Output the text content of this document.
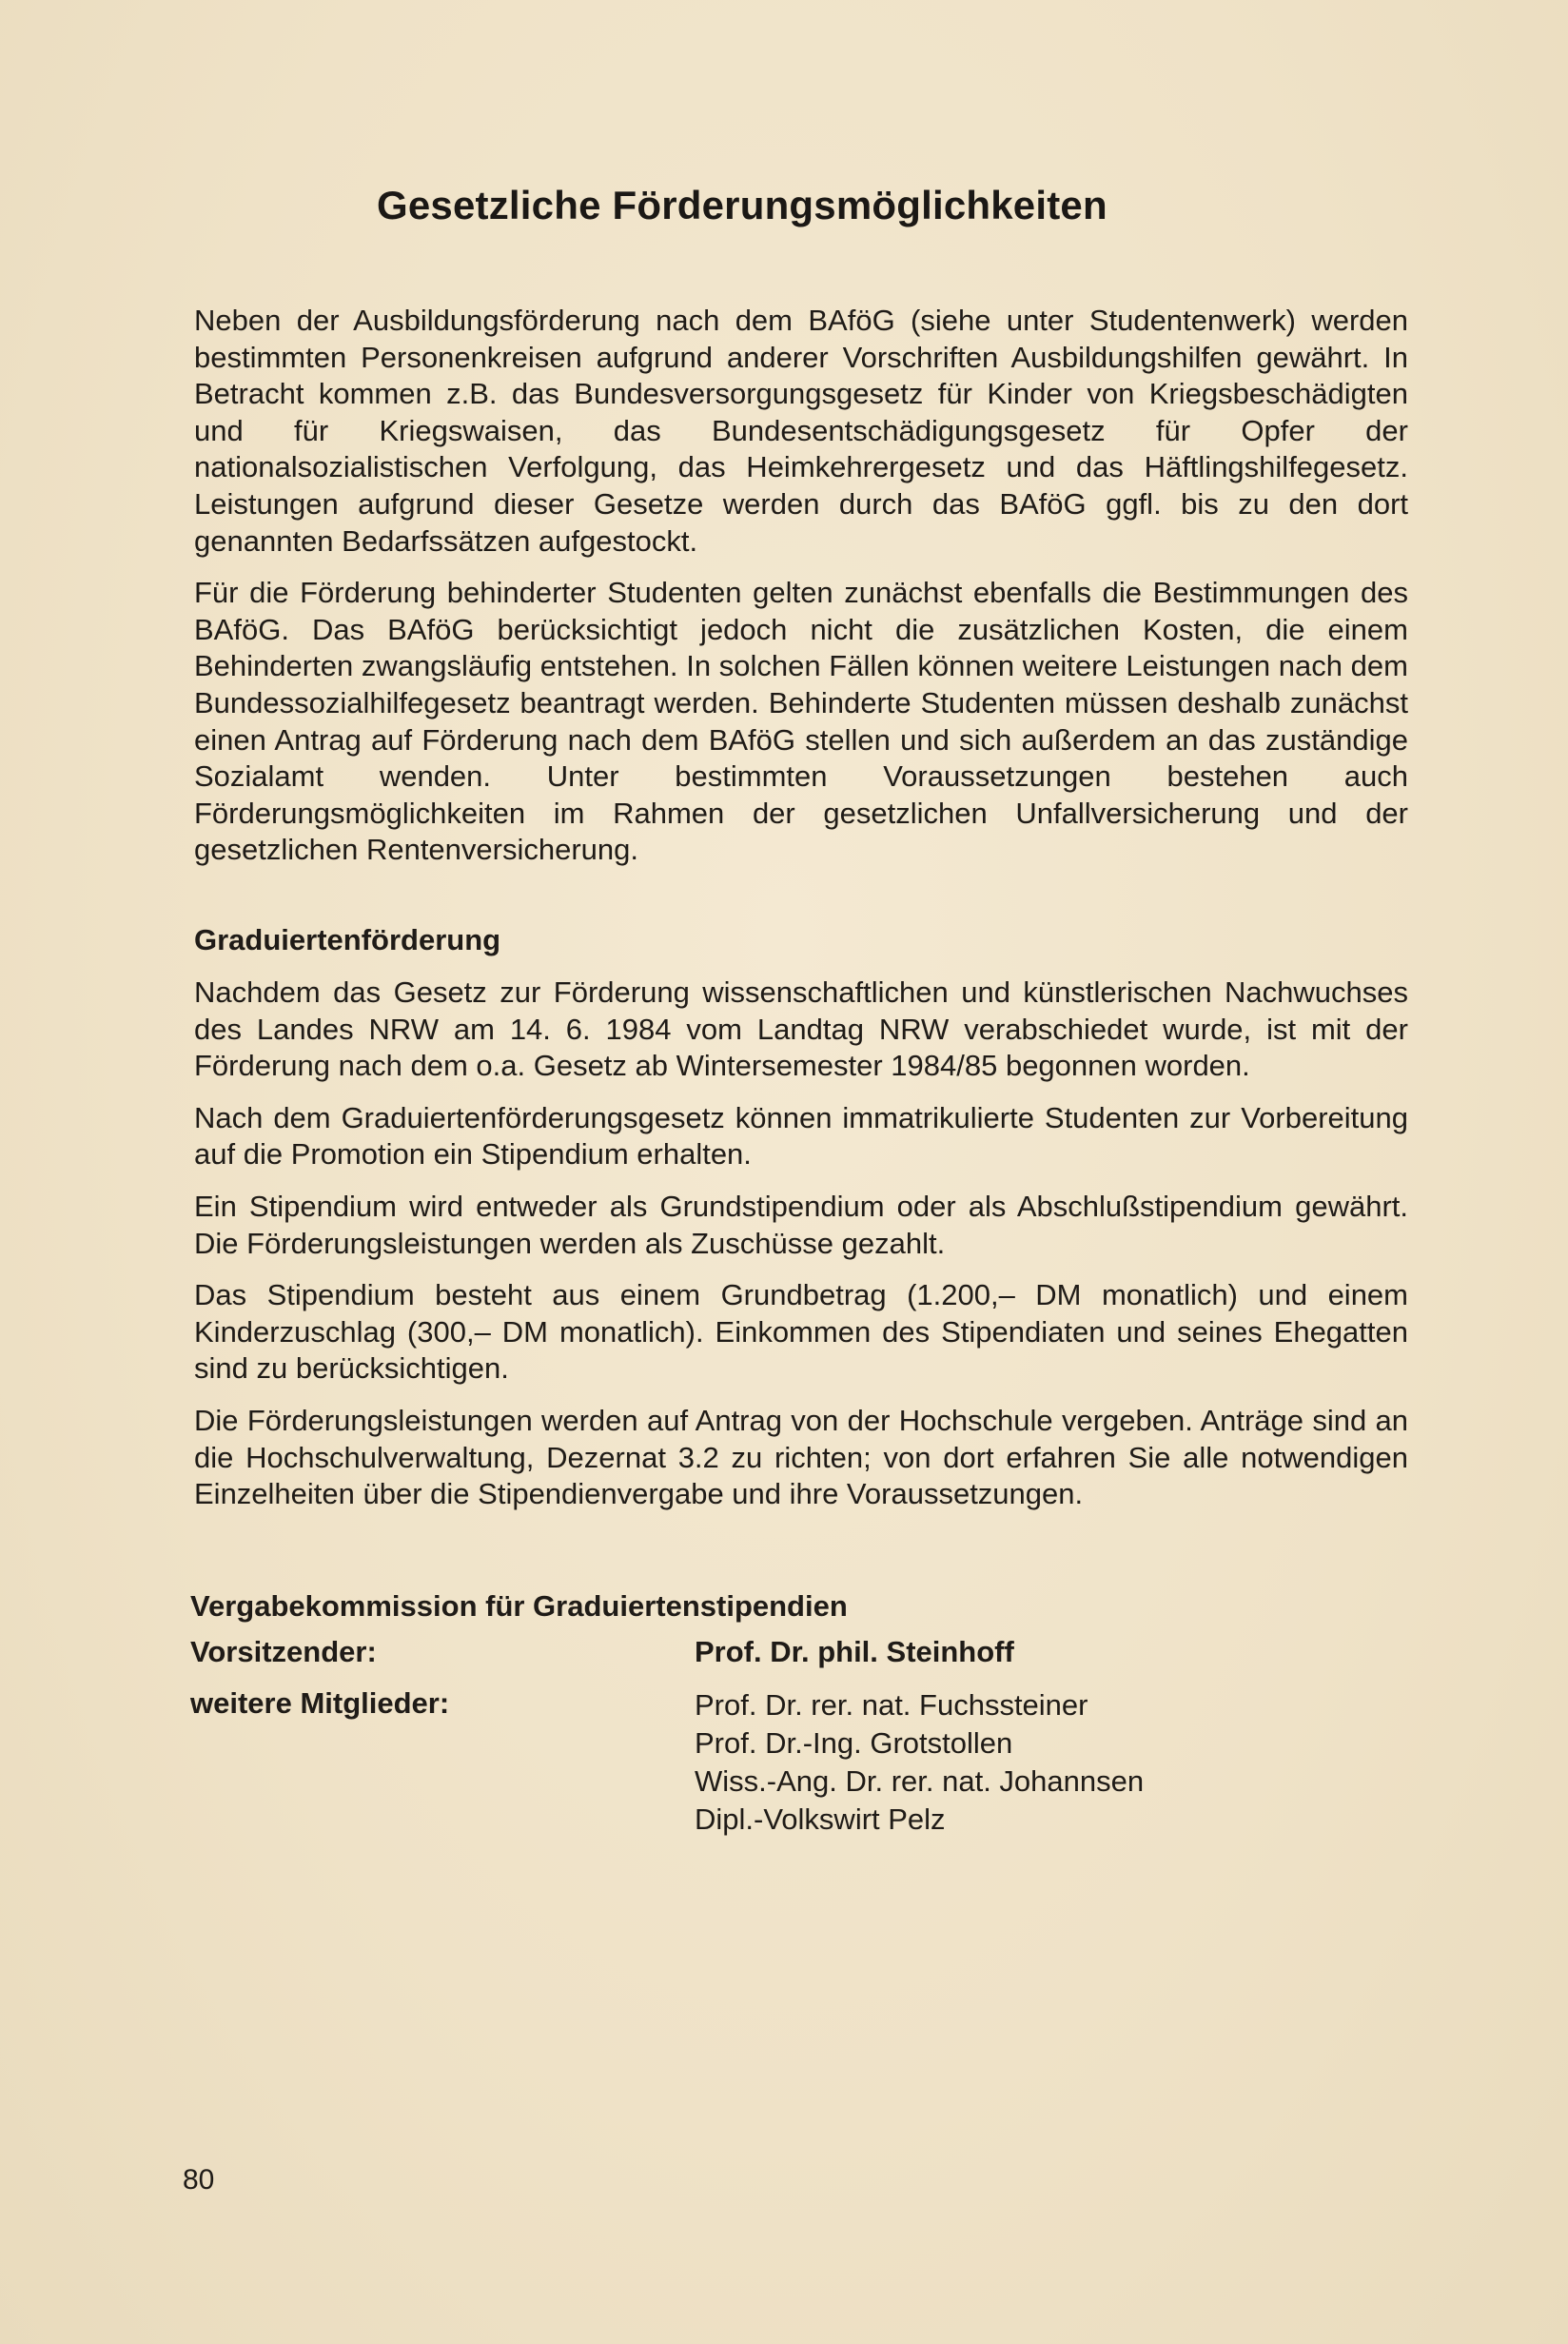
Gesetzliche Förderungsmöglichkeiten

Neben der Ausbildungsförderung nach dem BAföG (siehe unter Studentenwerk) werden bestimmten Personenkreisen aufgrund anderer Vorschriften Ausbildungshilfen gewährt. In Betracht kommen z.B. das Bundesversorgungsgesetz für Kinder von Kriegsbeschädigten und für Kriegswaisen, das Bundesentschädigungsgesetz für Opfer der nationalsozialistischen Verfolgung, das Heimkehrergesetz und das Häftlingshilfegesetz. Leistungen aufgrund dieser Gesetze werden durch das BAföG ggfl. bis zu den dort genannten Bedarfssätzen aufgestockt.

Für die Förderung behinderter Studenten gelten zunächst ebenfalls die Bestimmungen des BAföG. Das BAföG berücksichtigt jedoch nicht die zusätzlichen Kosten, die einem Behinderten zwangsläufig entstehen. In solchen Fällen können weitere Leistungen nach dem Bundessozialhilfegesetz beantragt werden. Behinderte Studenten müssen deshalb zunächst einen Antrag auf Förderung nach dem BAföG stellen und sich außerdem an das zuständige Sozialamt wenden. Unter bestimmten Voraussetzungen bestehen auch Förderungsmöglichkeiten im Rahmen der gesetzlichen Unfallversicherung und der gesetzlichen Rentenversicherung.

Graduiertenförderung

Nachdem das Gesetz zur Förderung wissenschaftlichen und künstlerischen Nachwuchses des Landes NRW am 14. 6. 1984 vom Landtag NRW verabschiedet wurde, ist mit der Förderung nach dem o.a. Gesetz ab Wintersemester 1984/85 begonnen worden.

Nach dem Graduiertenförderungsgesetz können immatrikulierte Studenten zur Vorbereitung auf die Promotion ein Stipendium erhalten.

Ein Stipendium wird entweder als Grundstipendium oder als Abschlußstipendium gewährt. Die Förderungsleistungen werden als Zuschüsse gezahlt.

Das Stipendium besteht aus einem Grundbetrag (1.200,– DM monatlich) und einem Kinderzuschlag (300,– DM monatlich). Einkommen des Stipendiaten und seines Ehegatten sind zu berücksichtigen.

Die Förderungsleistungen werden auf Antrag von der Hochschule vergeben. Anträge sind an die Hochschulverwaltung, Dezernat 3.2 zu richten; von dort erfahren Sie alle notwendigen Einzelheiten über die Stipendienvergabe und ihre Voraussetzungen.

Vergabekommission für Graduiertenstipendien
Vorsitzender:	Prof. Dr. phil. Steinhoff
weitere Mitglieder:	Prof. Dr. rer. nat. Fuchssteiner
Prof. Dr.-Ing. Grotstollen
Wiss.-Ang. Dr. rer. nat. Johannsen
Dipl.-Volkswirt Pelz
80
